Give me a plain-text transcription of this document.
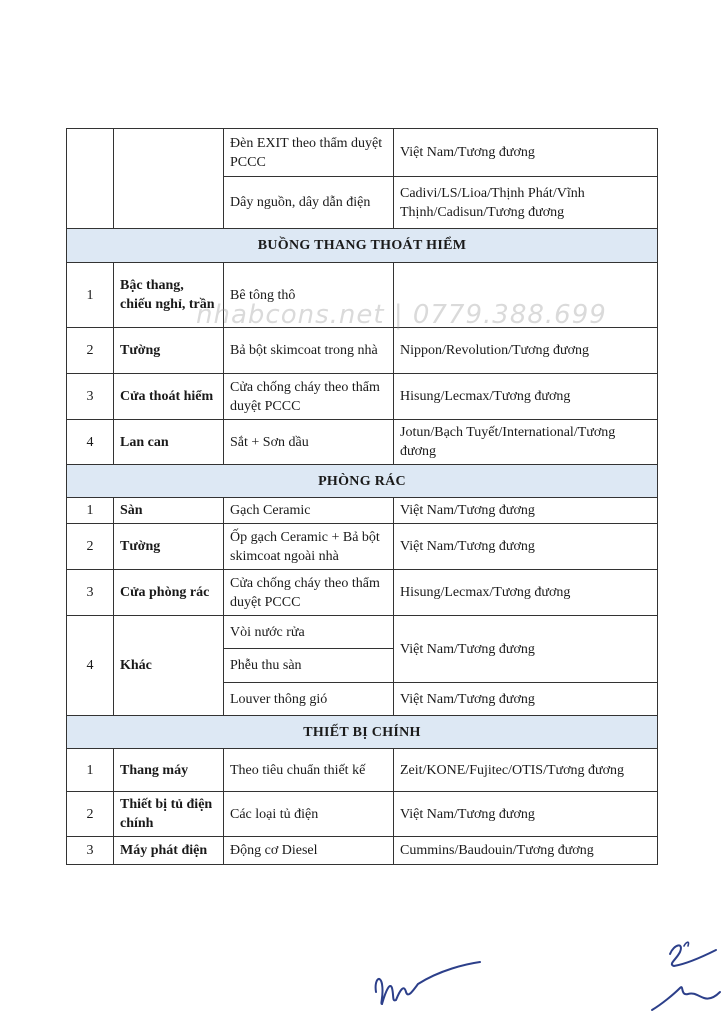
		Đèn EXIT theo thẩm duyệt PCCC	Việt Nam/Tương đương
		Dây nguồn, dây dẫn điện	Cadivi/LS/Lioa/Thịnh Phát/Vĩnh Thịnh/Cadisun/Tương đương
BUỒNG THANG THOÁT HIỂM			
1	Bậc thang, chiếu nghỉ, trần	Bê tông thô	
2	Tường	Bả bột skimcoat trong nhà	Nippon/Revolution/Tương đương
3	Cửa thoát hiểm	Cửa chống cháy theo thẩm duyệt PCCC	Hisung/Lecmax/Tương đương
4	Lan can	Sắt + Sơn dầu	Jotun/Bạch Tuyết/International/Tương đương
PHÒNG RÁC			
1	Sàn	Gạch Ceramic	Việt Nam/Tương đương
2	Tường	Ốp gạch Ceramic + Bả bột skimcoat ngoài nhà	Việt Nam/Tương đương
3	Cửa phòng rác	Cửa chống cháy theo thẩm duyệt PCCC	Hisung/Lecmax/Tương đương
4	Khác	Vòi nước rửa	Việt Nam/Tương đương
		Phễu thu sàn	
		Louver thông gió	Việt Nam/Tương đương
THIẾT BỊ CHÍNH			
1	Thang máy	Theo tiêu chuẩn thiết kế	Zeit/KONE/Fujitec/OTIS/Tương đương
2	Thiết bị tủ điện chính	Các loại tủ điện	Việt Nam/Tương đương
3	Máy phát điện	Động cơ Diesel	Cummins/Baudouin/Tương đương
nhabcons.net | 0779.388.699
